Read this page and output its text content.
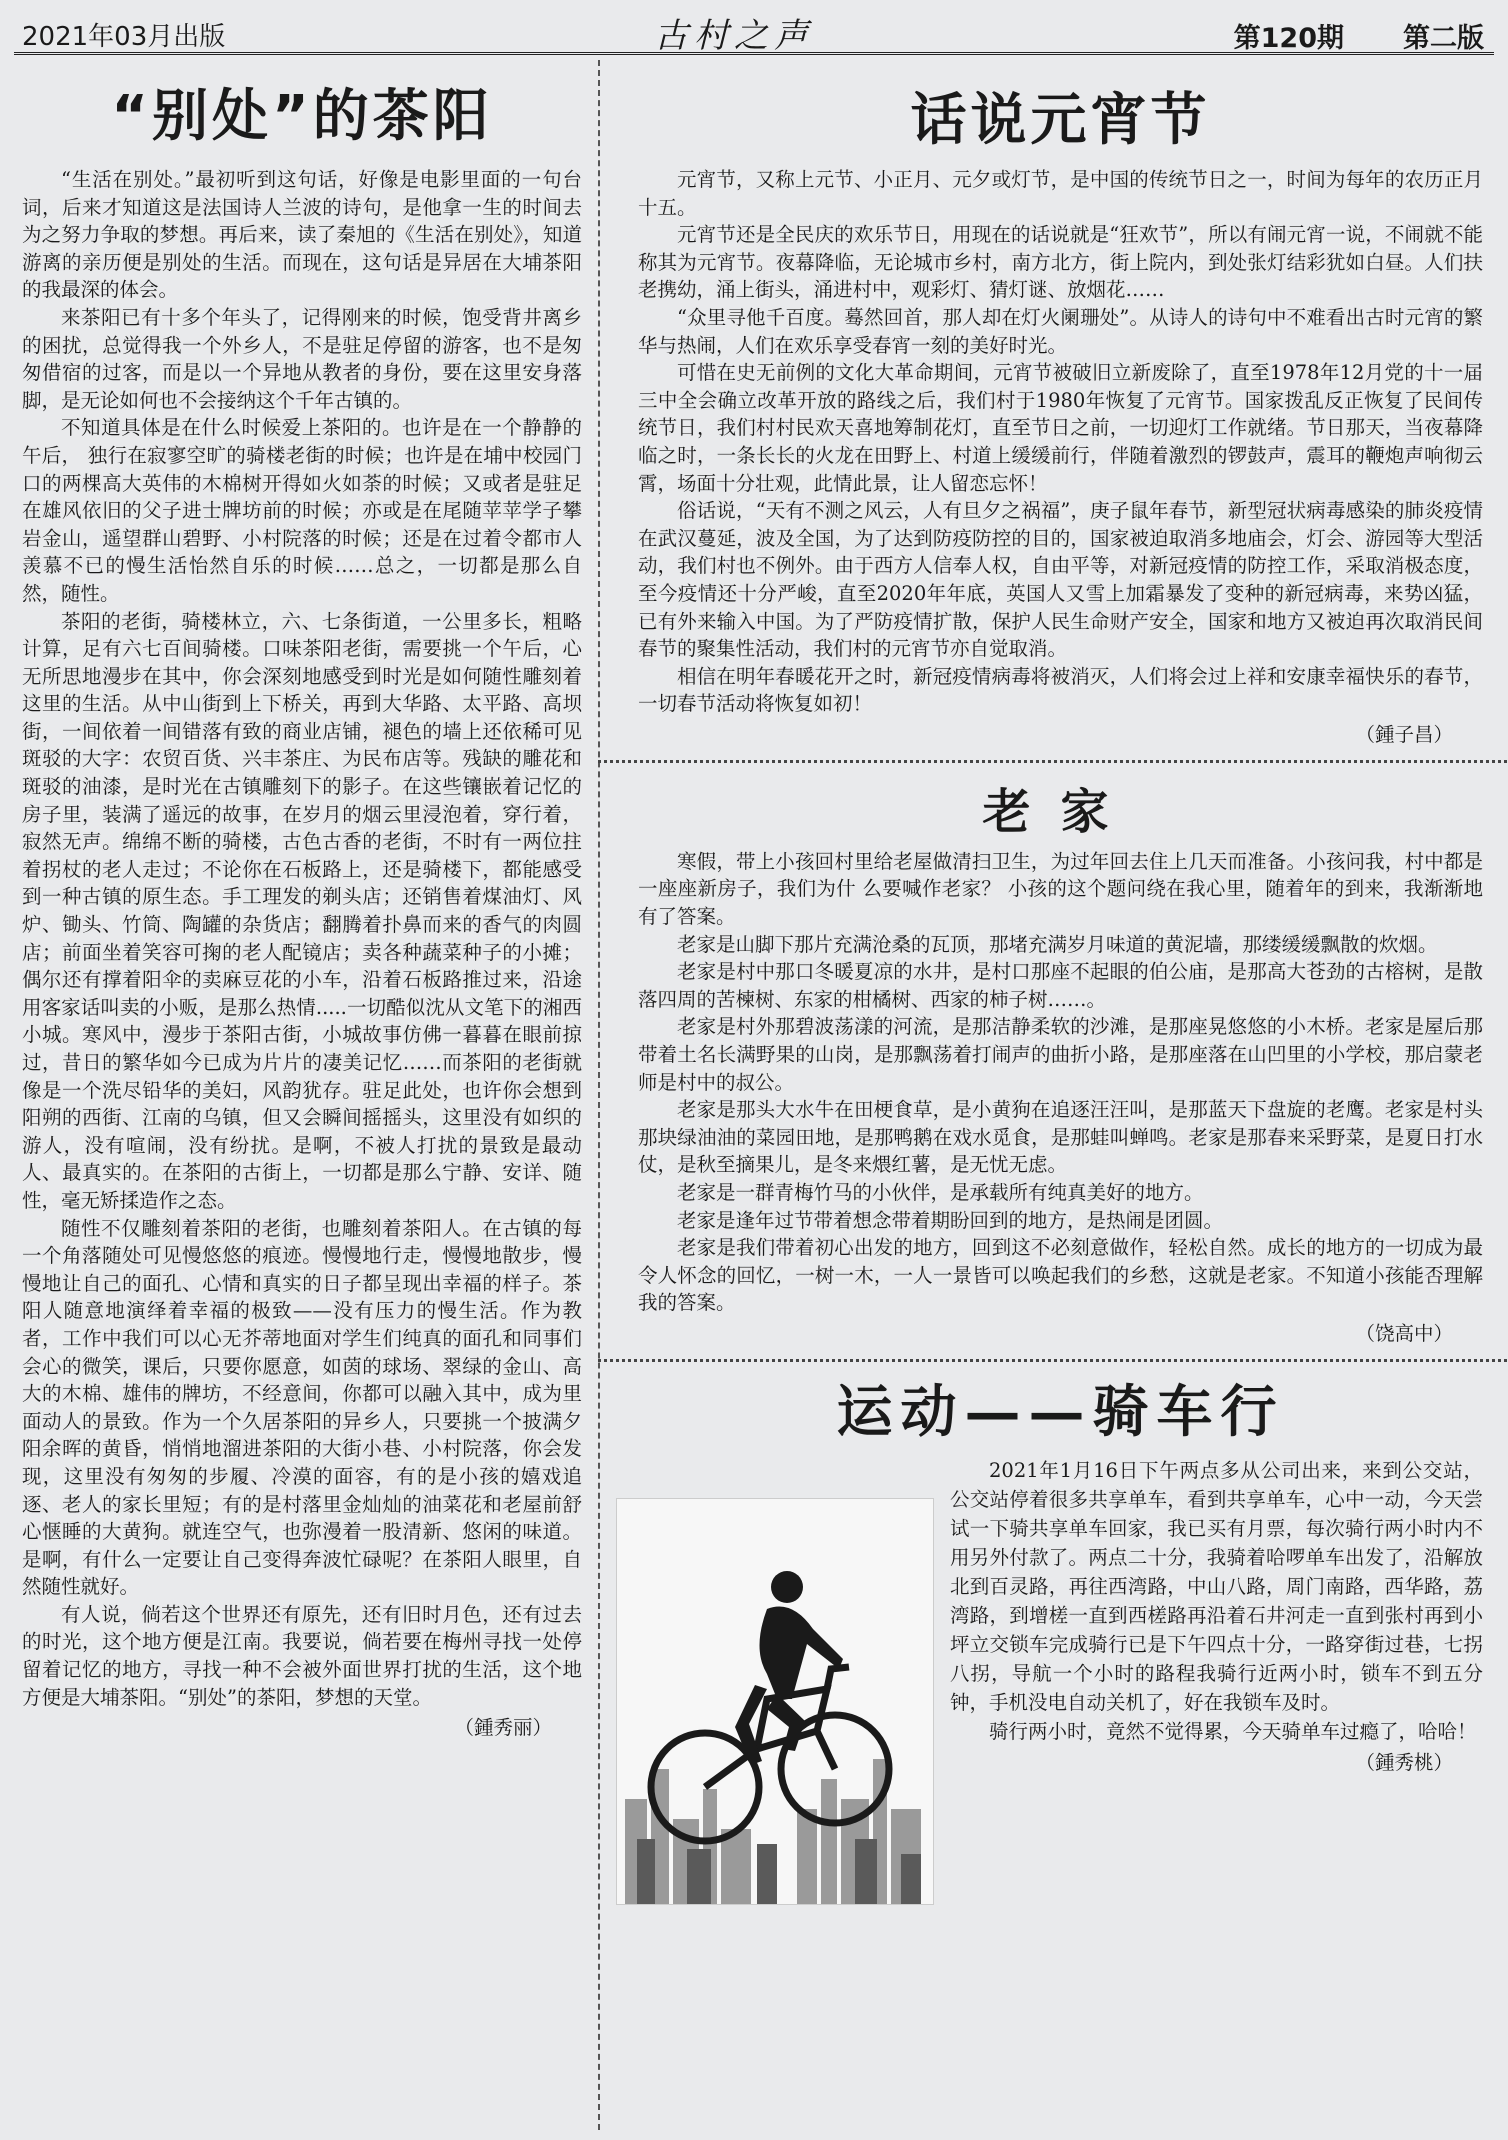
2021年03月出版	古村之声	第120期 第二版
“别处”的茶阳

“生活在别处。”最初听到这句话，好像是电影里面的一句台词，后来才知道这是法国诗人兰波的诗句，是他拿一生的时间去为之努力争取的梦想。再后来，读了秦旭的《生活在别处》，知道游离的亲历便是别处的生活。而现在，这句话是异居在大埔茶阳的我最深的体会。

来茶阳已有十多个年头了，记得刚来的时候，饱受背井离乡的困扰，总觉得我一个外乡人，不是驻足停留的游客，也不是匆匆借宿的过客，而是以一个异地从教者的身份，要在这里安身落脚，是无论如何也不会接纳这个千年古镇的。

不知道具体是在什么时候爱上茶阳的。也许是在一个静静的午后， 独行在寂寥空旷的骑楼老街的时候；也许是在埔中校园门口的两棵高大英伟的木棉树开得如火如荼的时候；又或者是驻足在雄风依旧的父子进士牌坊前的时候；亦或是在尾随苹苹学子攀岩金山，遥望群山碧野、小村院落的时候；还是在过着令都市人羡慕不已的慢生活怡然自乐的时候……总之，一切都是那么自然，随性。

茶阳的老街，骑楼林立，六、七条街道，一公里多长，粗略计算，足有六七百间骑楼。口味茶阳老街，需要挑一个午后，心无所思地漫步在其中，你会深刻地感受到时光是如何随性雕刻着这里的生活。从中山街到上下桥关，再到大华路、太平路、高坝街，一间依着一间错落有致的商业店铺，褪色的墙上还依稀可见斑驳的大字：农贸百货、兴丰茶庄、为民布店等。残缺的雕花和斑驳的油漆，是时光在古镇雕刻下的影子。在这些镶嵌着记忆的房子里，装满了遥远的故事，在岁月的烟云里浸泡着，穿行着，寂然无声。绵绵不断的骑楼，古色古香的老街，不时有一两位拄着拐杖的老人走过；不论你在石板路上，还是骑楼下，都能感受到一种古镇的原生态。手工理发的剃头店；还销售着煤油灯、风炉、锄头、竹筒、陶罐的杂货店；翻腾着扑鼻而来的香气的肉圆店；前面坐着笑容可掬的老人配镜店；卖各种蔬菜种子的小摊；偶尔还有撑着阳伞的卖麻豆花的小车，沿着石板路推过来，沿途用客家话叫卖的小贩，是那么热情.....一切酷似沈从文笔下的湘西小城。寒风中，漫步于茶阳古街，小城故事仿佛一暮暮在眼前掠过，昔日的繁华如今已成为片片的凄美记忆……而茶阳的老街就像是一个洗尽铅华的美妇，风韵犹存。驻足此处，也许你会想到阳朔的西街、江南的乌镇，但又会瞬间摇摇头，这里没有如织的游人，没有喧闹，没有纷扰。是啊，不被人打扰的景致是最动人、最真实的。在茶阳的古街上，一切都是那么宁静、安详、随性，毫无矫揉造作之态。

随性不仅雕刻着茶阳的老街，也雕刻着茶阳人。在古镇的每一个角落随处可见慢悠悠的痕迹。慢慢地行走，慢慢地散步，慢慢地让自己的面孔、心情和真实的日子都呈现出幸福的样子。茶阳人随意地演绎着幸福的极致——没有压力的慢生活。作为教者，工作中我们可以心无芥蒂地面对学生们纯真的面孔和同事们会心的微笑，课后，只要你愿意，如茵的球场、翠绿的金山、高大的木棉、雄伟的牌坊，不经意间，你都可以融入其中，成为里面动人的景致。作为一个久居茶阳的异乡人，只要挑一个披满夕阳余晖的黄昏，悄悄地溜进茶阳的大街小巷、小村院落，你会发现，这里没有匆匆的步履、冷漠的面容，有的是小孩的嬉戏追逐、老人的家长里短；有的是村落里金灿灿的油菜花和老屋前舒心惬睡的大黄狗。就连空气，也弥漫着一股清新、悠闲的味道。是啊，有什么一定要让自己变得奔波忙碌呢？在茶阳人眼里，自然随性就好。

有人说，倘若这个世界还有原先，还有旧时月色，还有过去的时光，这个地方便是江南。我要说，倘若要在梅州寻找一处停留着记忆的地方，寻找一种不会被外面世界打扰的生活，这个地方便是大埔茶阳。“别处”的茶阳，梦想的天堂。

（鍾秀丽）
话说元宵节

元宵节，又称上元节、小正月、元夕或灯节，是中国的传统节日之一，时间为每年的农历正月十五。

元宵节还是全民庆的欢乐节日，用现在的话说就是“狂欢节”，所以有闹元宵一说，不闹就不能称其为元宵节。夜幕降临，无论城市乡村，南方北方，街上院内，到处张灯结彩犹如白昼。人们扶老携幼，涌上街头，涌进村中，观彩灯、猜灯谜、放烟花……

“众里寻他千百度。蓦然回首，那人却在灯火阑珊处”。从诗人的诗句中不难看出古时元宵的繁华与热闹，人们在欢乐享受春宵一刻的美好时光。

可惜在史无前例的文化大革命期间，元宵节被破旧立新废除了，直至1978年12月党的十一届三中全会确立改革开放的路线之后，我们村于1980年恢复了元宵节。国家拨乱反正恢复了民间传统节日，我们村村民欢天喜地筹制花灯，直至节日之前，一切迎灯工作就绪。节日那天，当夜幕降临之时，一条长长的火龙在田野上、村道上缓缓前行，伴随着激烈的锣鼓声，震耳的鞭炮声响彻云霄，场面十分壮观，此情此景，让人留恋忘怀！

俗话说，“天有不测之风云，人有旦夕之祸福”，庚子鼠年春节，新型冠状病毒感染的肺炎疫情在武汉蔓延，波及全国，为了达到防疫防控的目的，国家被迫取消多地庙会，灯会、游园等大型活动，我们村也不例外。由于西方人信奉人权，自由平等，对新冠疫情的防控工作，采取消极态度，至今疫情还十分严峻，直至2020年年底，英国人又雪上加霜暴发了变种的新冠病毒，来势凶猛，已有外来输入中国。为了严防疫情扩散，保护人民生命财产安全，国家和地方又被迫再次取消民间春节的聚集性活动，我们村的元宵节亦自觉取消。

相信在明年春暖花开之时，新冠疫情病毒将被消灭，人们将会过上祥和安康幸福快乐的春节，一切春节活动将恢复如初！

（鍾子昌）
老家

寒假，带上小孩回村里给老屋做清扫卫生，为过年回去住上几天而准备。小孩问我，村中都是一座座新房子，我们为什 么要喊作老家？ 小孩的这个题问绕在我心里，随着年的到来，我渐渐地有了答案。

老家是山脚下那片充满沧桑的瓦顶，那堵充满岁月味道的黄泥墙，那缕缓缓飘散的炊烟。

老家是村中那口冬暖夏凉的水井，是村口那座不起眼的伯公庙，是那高大苍劲的古榕树，是散落四周的苦楝树、东家的柑橘树、西家的柿子树……。

老家是村外那碧波荡漾的河流，是那洁静柔软的沙滩，是那座晃悠悠的小木桥。老家是屋后那带着土名长满野果的山岗，是那飘荡着打闹声的曲折小路，是那座落在山凹里的小学校，那启蒙老师是村中的叔公。

老家是那头大水牛在田梗食草，是小黄狗在追逐汪汪叫，是那蓝天下盘旋的老鹰。老家是村头那块绿油油的菜园田地，是那鸭鹅在戏水觅食，是那蛙叫蝉鸣。老家是那春来采野菜，是夏日打水仗，是秋至摘果儿，是冬来煨红薯，是无忧无虑。

老家是一群青梅竹马的小伙伴，是承载所有纯真美好的地方。

老家是逢年过节带着想念带着期盼回到的地方，是热闹是团圆。

老家是我们带着初心出发的地方，回到这不必刻意做作，轻松自然。成长的地方的一切成为最令人怀念的回忆，一树一木，一人一景皆可以唤起我们的乡愁，这就是老家。不知道小孩能否理解我的答案。

（饶高中）
运动——骑车行

2021年1月16日下午两点多从公司出来，来到公交站，公交站停着很多共享单车，看到共享单车，心中一动，今天尝试一下骑共享单车回家，我已买有月票，每次骑行两小时内不用另外付款了。两点二十分，我骑着哈啰单车出发了，沿解放北到百灵路，再往西湾路，中山八路，周门南路，西华路，荔湾路，到增槎一直到西槎路再沿着石井河走一直到张村再到小坪立交锁车完成骑行已是下午四点十分，一路穿街过巷，七拐八拐，导航一个小时的路程我骑行近两小时，锁车不到五分钟，手机没电自动关机了，好在我锁车及时。

骑行两小时，竟然不觉得累，今天骑单车过瘾了，哈哈！

（鍾秀桃）
